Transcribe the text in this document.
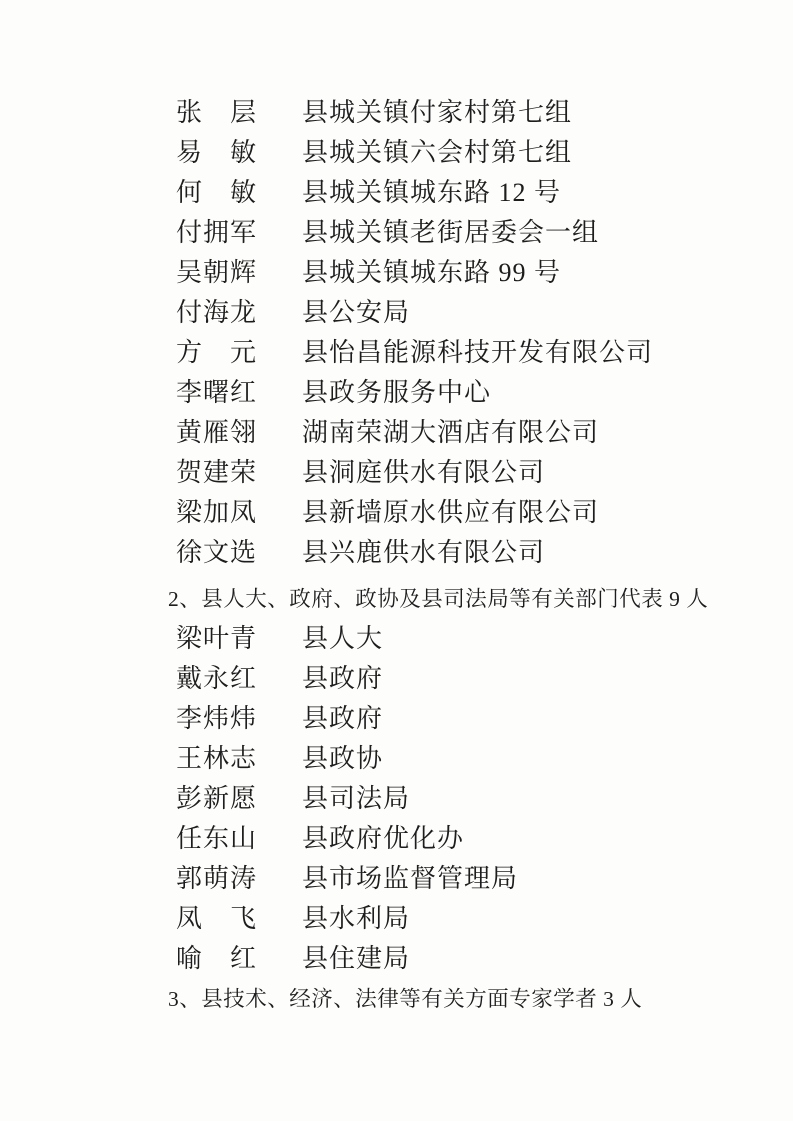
张　层	县城关镇付家村第七组
易　敏	县城关镇六会村第七组
何　敏	县城关镇城东路 12 号
付拥军	县城关镇老街居委会一组
吴朝辉	县城关镇城东路 99 号
付海龙	县公安局
方　元	县怡昌能源科技开发有限公司
李曙红	县政务服务中心
黄雁翎	湖南荣湖大酒店有限公司
贺建荣	县洞庭供水有限公司
梁加凤	县新墙原水供应有限公司
徐文选	县兴鹿供水有限公司
2、县人大、政府、政协及县司法局等有关部门代表 9 人
梁叶青	县人大
戴永红	县政府
李炜炜	县政府
王林志	县政协
彭新愿	县司法局
任东山	县政府优化办
郭萌涛	县市场监督管理局
凤　飞	县水利局
喻　红	县住建局
3、县技术、经济、法律等有关方面专家学者 3 人
